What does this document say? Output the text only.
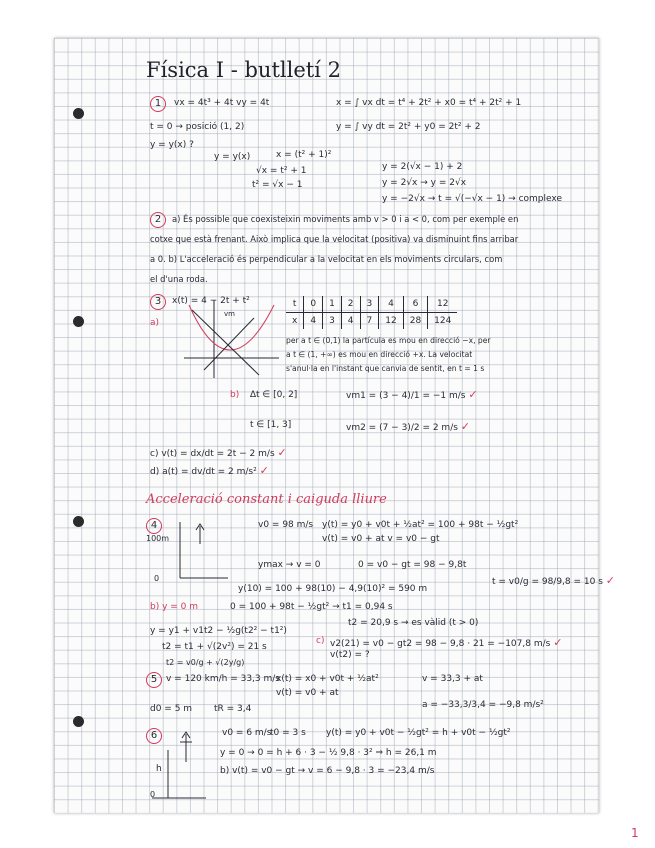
Física I - butlletí 2
1	vx = 4t³ + 4t vy = 4t	x = ∫ vx dt = t⁴ + 2t² + x0 = t⁴ + 2t² + 1
y = ∫ vy dt = 2t² + y0 = 2t² + 2
t = 0 → posició (1, 2)
y = y(x) ?
y = y(x)	x = (t² + 1)²
√x = t² + 1
t² = √x − 1
y = 2(√x − 1) + 2
y = 2√x → y = 2√x
y = −2√x → t = √(−√x − 1) → complexe
2	a) És possible que coexisteixin moviments amb v > 0 i a < 0, com per exemple en
cotxe que està frenant. Això implica que la velocitat (positiva) va disminuint fins arribar
a 0. b) L'acceleració és perpendicular a la velocitat en els moviments circulars, com
el d'una roda.
3	x(t) = 4 − 2t + t²
a)
vm
t	0	1	2	3	4	6	12
x	4	3	4	7	12	28	124
per a t ∈ (0,1) la partícula es mou en direcció −x, per
a t ∈ (1, +∞) es mou en direcció +x. La velocitat
s'anul·la en l'instant que canvia de sentit, en t = 1 s
b) ∆t ∈ [0, 2]	vm1 = (3 − 4)/1 = −1 m/s ✓
t ∈ [1, 3]	vm2 = (7 − 3)/2 = 2 m/s ✓
c) v(t) = dx/dt = 2t − 2 m/s ✓
d) a(t) = dv/dt = 2 m/s² ✓
Acceleració constant i caiguda lliure
4
100m
0
v0 = 98 m/s y(t) = y0 + v0t + ½at² = 100 + 98t − ½gt²
v(t) = v0 + at v = v0 − gt
ymax → v = 0	0 = v0 − gt = 98 − 9,8t
t = v0/g = 98/9,8 = 10 s ✓
y(10) = 100 + 98(10) − 4,9(10)² = 590 m
b) y = 0 m	0 = 100 + 98t − ½gt² → t1 = 0,94 s
t2 = 20,9 s → es vàlid (t > 0)
y = y1 + v1t2 − ½g(t2² − t1²)
t2 = t1 + √(2v²) = 21 s
t2 = v0/g + √(2y/g)
c) v2(21) = v0 − gt2 = 98 − 9,8 · 21 = −107,8 m/s ✓
v(t2) = ?
5 v = 120 km/h = 33,3 m/s
x(t) = x0 + v0t + ½at²
v(t) = v0 + at
v = 33,3 + at
d0 = 5 m tR = 3,4	a = −33,3/3,4 = −9,8 m/s²
6
h
0
v0 = 6 m/s
t0 = 3 s y(t) = y0 + v0t − ½gt² = h + v0t − ½gt²
y = 0 → 0 = h + 6 · 3 − ½ 9,8 · 3² ⇒ h = 26,1 m
b) v(t) = v0 − gt → v = 6 − 9,8 · 3 = −23,4 m/s
1
